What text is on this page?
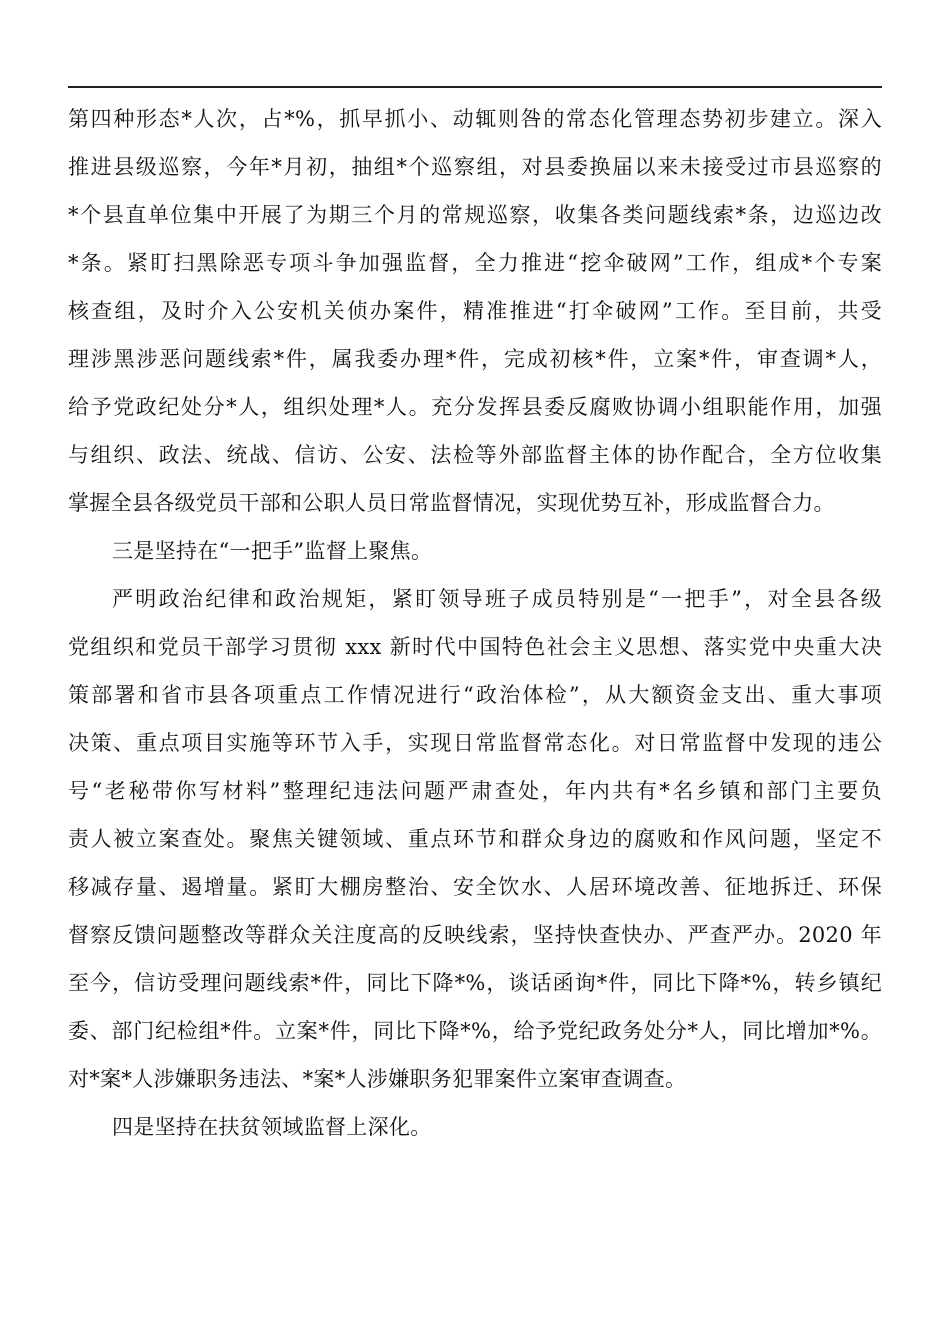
第四种形态*人次，占*%，抓早抓小、动辄则咎的常态化管理态势初步建立。深入
推进县级巡察，今年*月初，抽组*个巡察组，对县委换届以来未接受过市县巡察的
*个县直单位集中开展了为期三个月的常规巡察，收集各类问题线索*条，边巡边改
*条。紧盯扫黑除恶专项斗争加强监督，全力推进“挖伞破网”工作，组成*个专案
核查组，及时介入公安机关侦办案件，精准推进“打伞破网”工作。至目前，共受
理涉黑涉恶问题线索*件，属我委办理*件，完成初核*件，立案*件，审查调*人，
给予党政纪处分*人，组织处理*人。充分发挥县委反腐败协调小组职能作用，加强
与组织、政法、统战、信访、公安、法检等外部监督主体的协作配合，全方位收集
掌握全县各级党员干部和公职人员日常监督情况，实现优势互补，形成监督合力。
三是坚持在“一把手”监督上聚焦。
严明政治纪律和政治规矩，紧盯领导班子成员特别是“一把手”，对全县各级
党组织和党员干部学习贯彻 xxx 新时代中国特色社会主义思想、落实党中央重大决
策部署和省市县各项重点工作情况进行“政治体检”，从大额资金支出、重大事项
决策、重点项目实施等环节入手，实现日常监督常态化。对日常监督中发现的违公
号“老秘带你写材料”整理纪违法问题严肃查处，年内共有*名乡镇和部门主要负
责人被立案查处。聚焦关键领域、重点环节和群众身边的腐败和作风问题，坚定不
移减存量、遏增量。紧盯大棚房整治、安全饮水、人居环境改善、征地拆迁、环保
督察反馈问题整改等群众关注度高的反映线索，坚持快查快办、严查严办。2020 年
至今，信访受理问题线索*件，同比下降*%，谈话函询*件，同比下降*%，转乡镇纪
委、部门纪检组*件。立案*件，同比下降*%，给予党纪政务处分*人，同比增加*%。
对*案*人涉嫌职务违法、*案*人涉嫌职务犯罪案件立案审查调查。
四是坚持在扶贫领域监督上深化。
